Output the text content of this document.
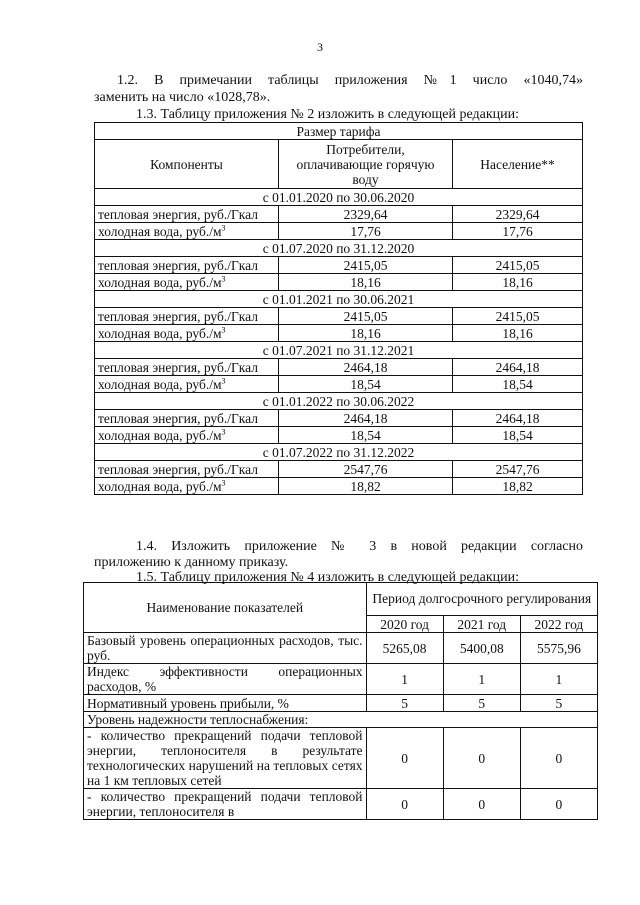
3
1.2. В примечании таблицы приложения №1 число «1040,74»
заменить на число «1028,78».
1.3. Таблицу приложения № 2 изложить в следующей редакции:
Размер тарифа		
Компоненты	Потребители, оплачивающие горячую воду	Население**
с 01.01.2020 по 30.06.2020		
тепловая энергия, руб./Гкал	2329,64	2329,64
холодная вода, $руб./м^3$	17,76	17,76
с 01.07.2020 по 31.12.2020		
тепловая энергия, руб./Гкал	2415,05	2415,05
холодная вода, $руб./м^3$	18,16	18,16
с 01.01.2021 по 30.06.2021		
тепловая энергия, руб./Гкал	2415,05	2415,05
холодная вода, $руб./м^3$	18,16	18,16
с 01.07.2021 по 31.12.2021		
тепловая энергия, руб./Гкал	2464,18	2464,18
холодная вода, $руб./м^3$	18,54	18,54
с 01.01.2022 по 30.06.2022		
тепловая энергия, руб./Гкал	2464,18	2464,18
холодная вода, $руб./м^3$	18,54	18,54
с 01.07.2022 по 31.12.2022		
тепловая энергия, руб./Гкал	2547,76	2547,76
холодная вода, $руб./м^3$	18,82	18,82
1.4. Изложить приложение № 3 в новой редакции согласно
приложению к данному приказу.
1.5. Таблицу приложения № 4 изложить в следующей редакции:
Наименование показателей	Период долгосрочного регулирования		
	2020 год	2021 год	2022 год
Базовый уровень операционных расходов, тыс. руб.	5265,08	5400,08	5575,96
Индекс эффективности операционных расходов, %	1	1	1
Нормативный уровень прибыли, %	5	5	5
Уровень надежности теплоснабжения:			
- количество прекращений подачи тепловой энергии, теплоносителя в результате технологических нарушений на тепловых сетях на 1 км тепловых сетей	0	0	0
- количество прекращений подачи тепловой энергии, теплоносителя в	0	0	0
